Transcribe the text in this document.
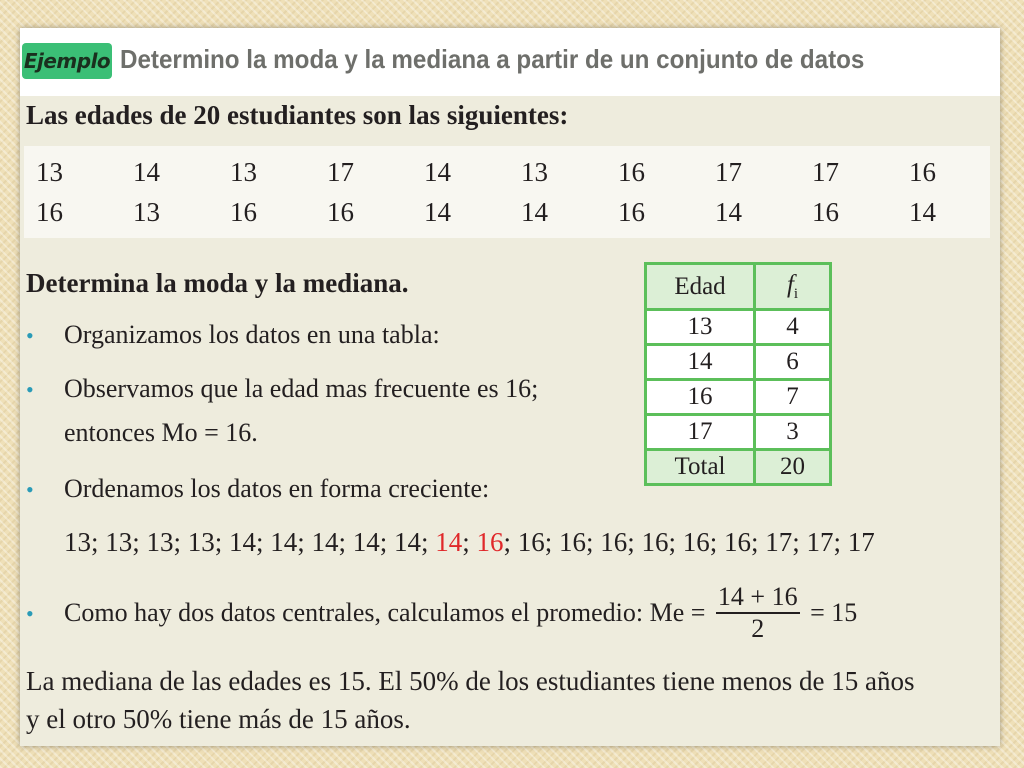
Ejemplo Determino la moda y la mediana a partir de un conjunto de datos
Las edades de 20 estudiantes son las siguientes:
13	14	13	17	14	13	16	17	17	16
16	13	16	16	14	14	16	14	16	14
Determina la moda y la mediana.
• Organizamos los datos en una tabla:
• Observamos que la edad mas frecuente es 16;
entonces Mo = 16.
• Ordenamos los datos en forma creciente:
13; 13; 13; 13; 14; 14; 14; 14; 14; 14; 16; 16; 16; 16; 16; 16; 16; 17; 17; 17
• Como hay dos datos centrales, calculamos el promedio: $Me = \frac{14 + 16}{2} = 15$
La mediana de las edades es 15. El 50% de los estudiantes tiene menos de 15 años
y el otro 50% tiene más de 15 años.
Edad	$f_i$
13	4
14	6
16	7
17	3
Total	20
